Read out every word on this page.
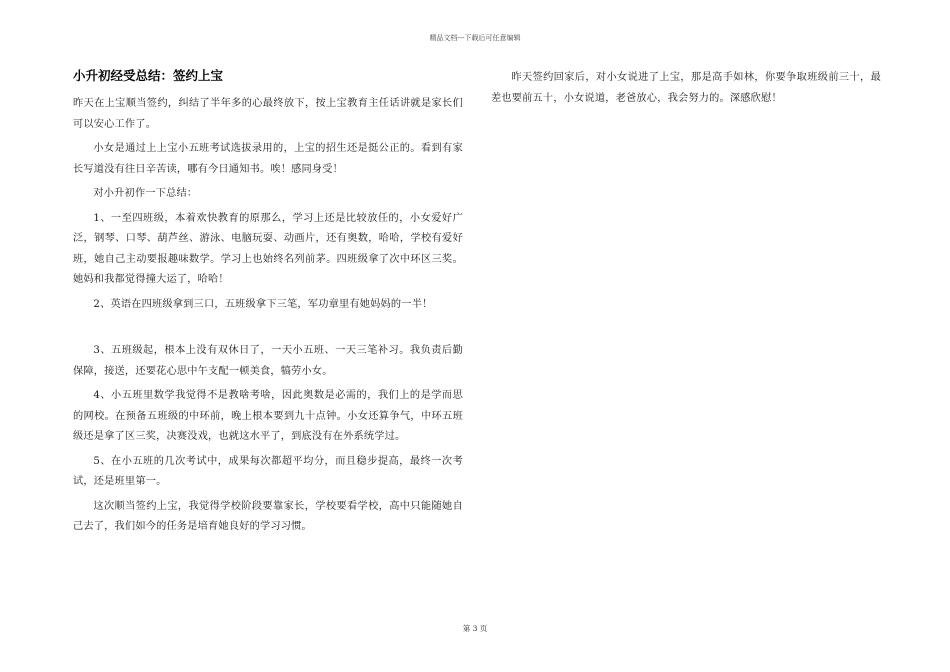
精品文档---下载后可任意编辑
小升初经受总结：签约上宝

昨天在上宝顺当签约，纠结了半年多的心最终放下，按上宝教育主任话讲就是家长们可以安心工作了。

小女是通过上上宝小五班考试选拔录用的，上宝的招生还是挺公正的。看到有家长写道没有往日辛苦读，哪有今日通知书。唉！感同身受！

对小升初作一下总结：

1、一至四班级，本着欢快教育的原那么，学习上还是比较放任的，小女爱好广泛，钢琴、口琴、葫芦丝、游泳、电脑玩耍、动画片，还有奥数，哈哈，学校有爱好班，她自己主动要报趣味数学。学习上也始终名列前茅。四班级拿了次中环区三奖。她妈和我都觉得撞大运了，哈哈！

2、英语在四班级拿到三口，五班级拿下三笔，军功章里有她妈妈的一半！

3、五班级起，根本上没有双休日了，一天小五班、一天三笔补习。我负责后勤保障，接送，还要花心思中午支配一顿美食，犒劳小女。

4、小五班里数学我觉得不是教啥考啥，因此奥数是必需的，我们上的是学而思的网校。在预备五班级的中环前，晚上根本要到九十点钟。小女还算争气，中环五班级还是拿了区三奖，决赛没戏，也就这水平了，到底没有在外系统学过。

5、在小五班的几次考试中，成果每次都超平均分，而且稳步提高，最终一次考试，还是班里第一。

这次顺当签约上宝，我觉得学校阶段要靠家长，学校要看学校，高中只能随她自己去了，我们如今的任务是培育她良好的学习习惯。

昨天签约回家后，对小女说进了上宝，那是高手如林，你要争取班级前三十，最差也要前五十，小女说道，老爸放心，我会努力的。深感欣慰！

第 3 页
